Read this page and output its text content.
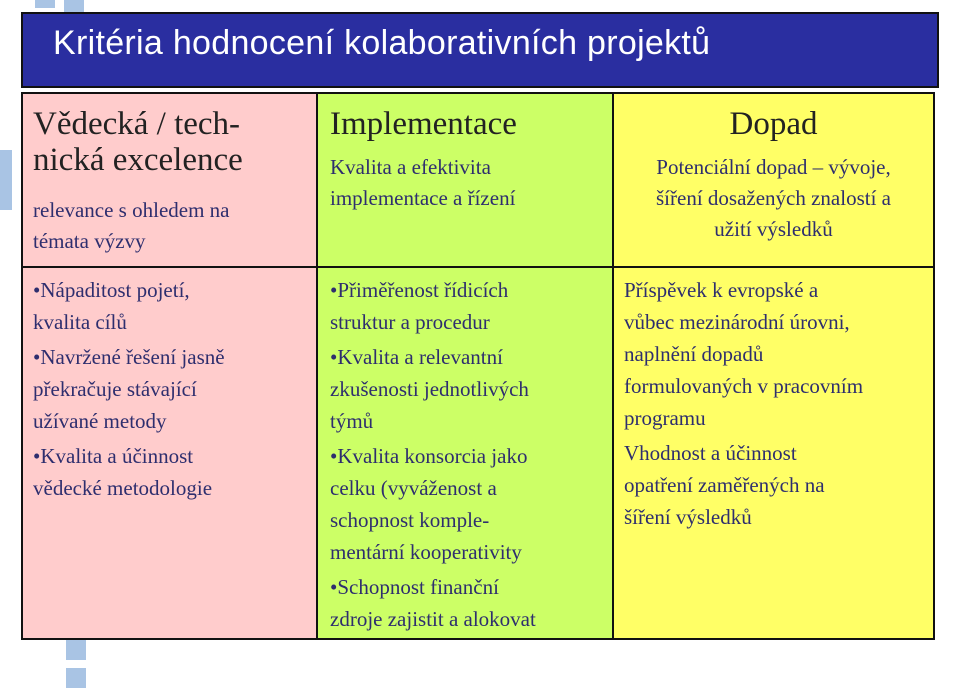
Kritéria hodnocení kolaborativních projektů
Vědecká / tech-
nická excelence
relevance s ohledem na
témata výzvy
Implementace
Kvalita a efektivita
implementace a řízení
Dopad
Potenciální dopad – vývoje,
šíření dosažených znalostí a
užití výsledků
•Nápaditost pojetí,
kvalita cílů
•Navržené řešení jasně
překračuje stávající
užívané metody
•Kvalita a účinnost
vědecké metodologie
•Přiměřenost řídicích
struktur a procedur
•Kvalita a relevantní
zkušenosti jednotlivých
týmů
•Kvalita konsorcia jako
celku (vyváženost a
schopnost komple-
mentární kooperativity
•Schopnost finanční
zdroje zajistit a alokovat
Příspěvek k evropské a
vůbec mezinárodní úrovni,
naplnění dopadů
formulovaných v pracovním
programu
Vhodnost a účinnost
opatření zaměřených na
šíření výsledků
